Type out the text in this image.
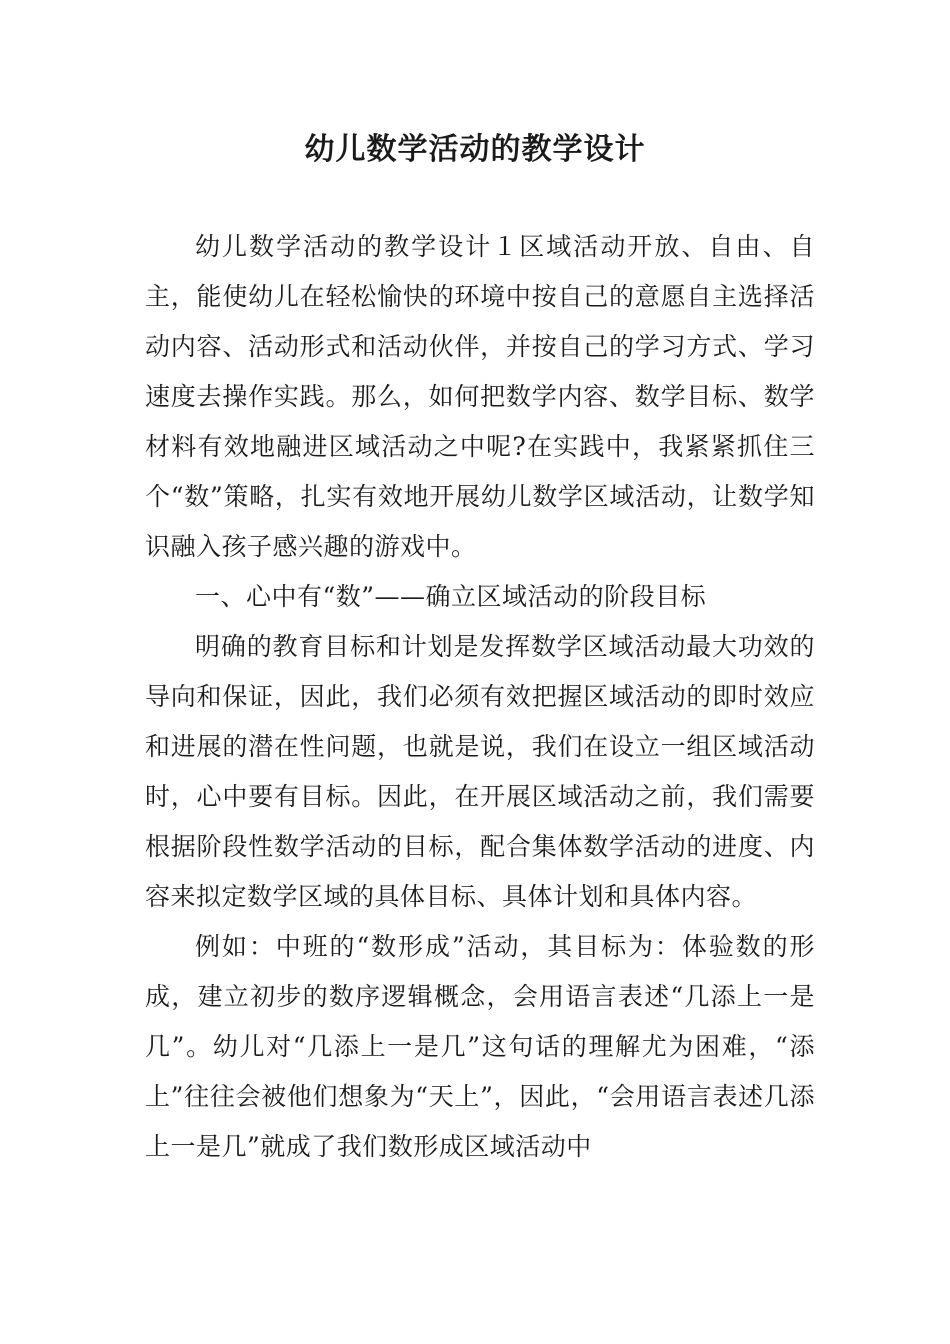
幼儿数学活动的教学设计

幼儿数学活动的教学设计１区域活动开放、自由、自主，能使幼儿在轻松愉快的环境中按自己的意愿自主选择活动内容、活动形式和活动伙伴，并按自己的学习方式、学习速度去操作实践。那么，如何把数学内容、数学目标、数学材料有效地融进区域活动之中呢?在实践中，我紧紧抓住三个“数”策略，扎实有效地开展幼儿数学区域活动，让数学知识融入孩子感兴趣的游戏中。

一、心中有“数”——确立区域活动的阶段目标

明确的教育目标和计划是发挥数学区域活动最大功效的导向和保证，因此，我们必须有效把握区域活动的即时效应和进展的潜在性问题，也就是说，我们在设立一组区域活动时，心中要有目标。因此，在开展区域活动之前，我们需要根据阶段性数学活动的目标，配合集体数学活动的进度、内容来拟定数学区域的具体目标、具体计划和具体内容。

例如：中班的“数形成”活动，其目标为：体验数的形成，建立初步的数序逻辑概念，会用语言表述“几添上一是几”。幼儿对“几添上一是几”这句话的理解尤为困难，“添上”往往会被他们想象为“天上”，因此，“会用语言表述几添上一是几”就成了我们数形成区域活动中
